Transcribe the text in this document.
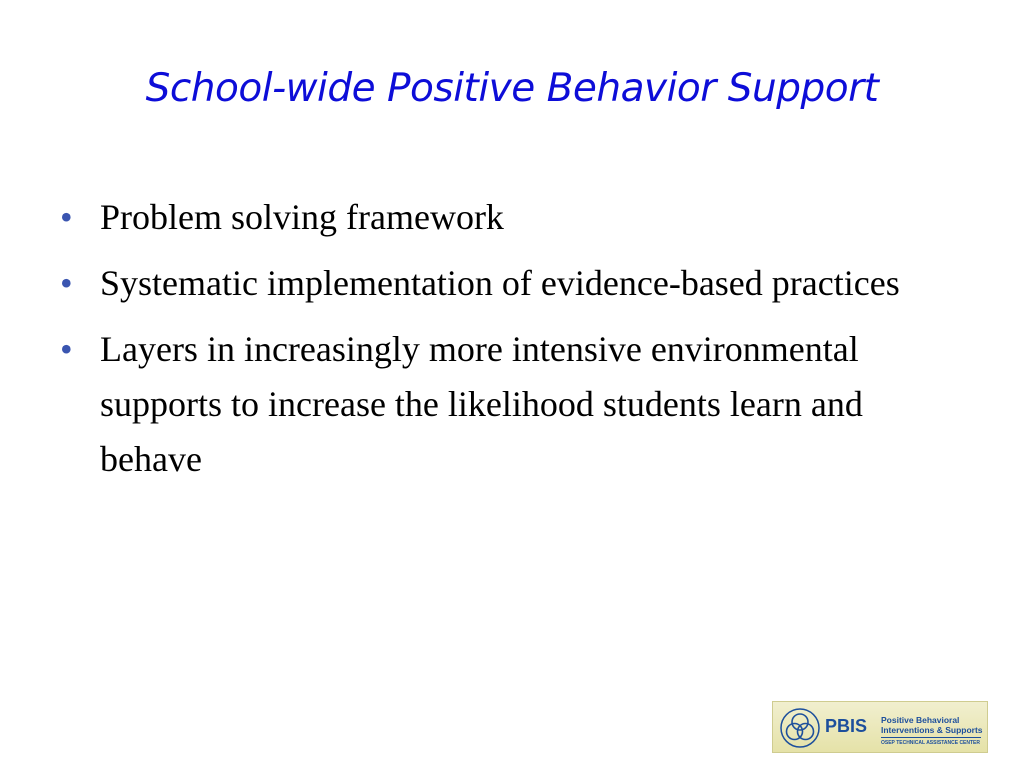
School-wide Positive Behavior Support
• Problem solving framework
• Systematic implementation of evidence-based practices
• Layers in increasingly more intensive environmental supports to increase the likelihood students learn and behave
PBIS Positive Behavioral
Interventions & Supports
OSEP TECHNICAL ASSISTANCE CENTER
